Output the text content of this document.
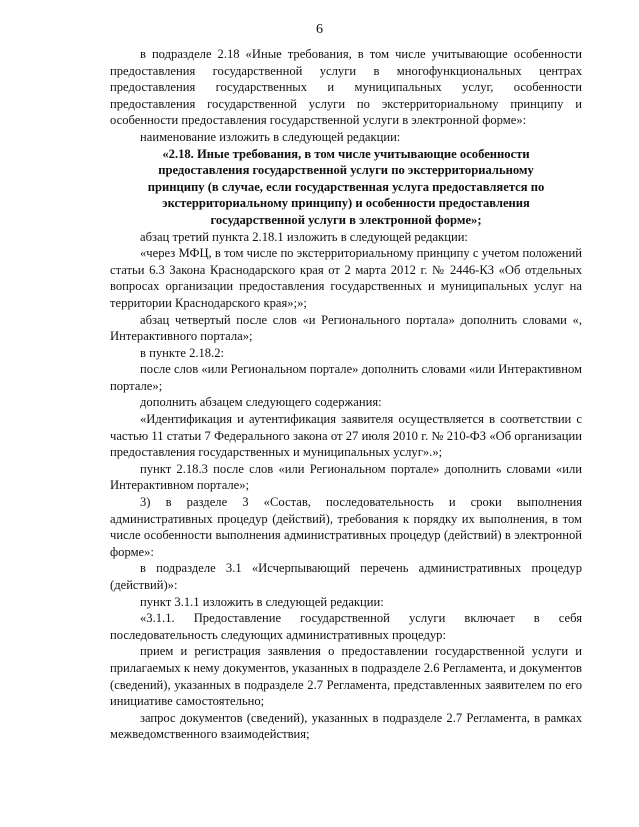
6

в подразделе 2.18 «Иные требования, в том числе учитывающие особенности предоставления государственной услуги в многофункциональных центрах предоставления государственных и муниципальных услуг, особенности предоставления государственной услуги по экстерриториальному принципу и особенности предоставления государственной услуги в электронной форме»:

наименование изложить в следующей редакции:

«2.18. Иные требования, в том числе учитывающие особенности предоставления государственной услуги по экстерриториальному принципу (в случае, если государственная услуга предоставляется по экстерриториальному принципу) и особенности предоставления государственной услуги в электронной форме»;

абзац третий пункта 2.18.1 изложить в следующей редакции:

«через МФЦ, в том числе по экстерриториальному принципу с учетом положений статьи 6.3 Закона Краснодарского края от 2 марта 2012 г. № 2446-КЗ «Об отдельных вопросах организации предоставления государственных и муниципальных услуг на территории Краснодарского края»;»;

абзац четвертый после слов «и Регионального портала» дополнить словами «, Интерактивного портала»;

в пункте 2.18.2:

после слов «или Региональном портале» дополнить словами «или Интерактивном портале»;

дополнить абзацем следующего содержания:

«Идентификация и аутентификация заявителя осуществляется в соответствии с частью 11 статьи 7 Федерального закона от 27 июля 2010 г. № 210-ФЗ «Об организации предоставления государственных и муниципальных услуг».»;

пункт 2.18.3 после слов «или Региональном портале» дополнить словами «или Интерактивном портале»;

3) в разделе 3 «Состав, последовательность и сроки выполнения административных процедур (действий), требования к порядку их выполнения, в том числе особенности выполнения административных процедур (действий) в электронной форме»:

в подразделе 3.1 «Исчерпывающий перечень административных процедур (действий)»:

пункт 3.1.1 изложить в следующей редакции:

«3.1.1. Предоставление государственной услуги включает в себя последовательность следующих административных процедур:

прием и регистрация заявления о предоставлении государственной услуги и прилагаемых к нему документов, указанных в подразделе 2.6 Регламента, и документов (сведений), указанных в подразделе 2.7 Регламента, представленных заявителем по его инициативе самостоятельно;

запрос документов (сведений), указанных в подразделе 2.7 Регламента, в рамках межведомственного взаимодействия;
